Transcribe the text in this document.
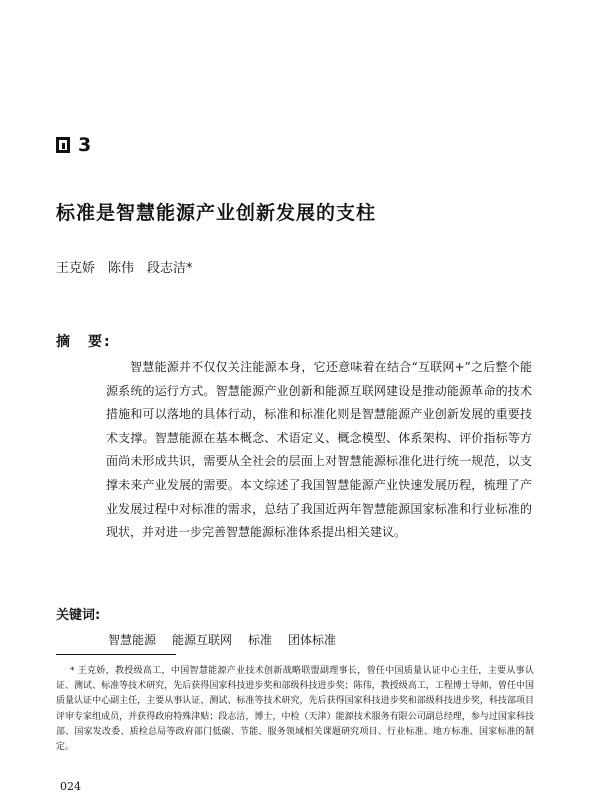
3
标准是智慧能源产业创新发展的支柱
王克娇　陈伟　段志洁*
摘　要:

智慧能源并不仅仅关注能源本身，它还意味着在结合“互联网+”之后整个能源系统的运行方式。智慧能源产业创新和能源互联网建设是推动能源革命的技术措施和可以落地的具体行动，标准和标准化则是智慧能源产业创新发展的重要技术支撑。智慧能源在基本概念、术语定义、概念模型、体系架构、评价指标等方面尚未形成共识，需要从全社会的层面上对智慧能源标准化进行统一规范，以支撑未来产业发展的需要。本文综述了我国智慧能源产业快速发展历程，梳理了产业发展过程中对标准的需求，总结了我国近两年智慧能源国家标准和行业标准的现状，并对进一步完善智慧能源标准体系提出相关建议。

关键词:
智慧能源 能源互联网 标准 团体标准

* 王克娇，教授级高工，中国智慧能源产业技术创新战略联盟副理事长，曾任中国质量认证中心主任，主要从事认证、测试、标准等技术研究，先后获得国家科技进步奖和部级科技进步奖；陈伟，教授级高工，工程博士导师，曾任中国质量认证中心副主任，主要从事认证、测试、标准等技术研究，先后获得国家科技进步奖和部级科技进步奖，科技部项目评审专家组成员，并获得政府特殊津贴；段志洁，博士，中检（天津）能源技术服务有限公司副总经理，参与过国家科技部、国家发改委、质检总局等政府部门低碳、节能、服务领域相关课题研究项目、行业标准、地方标准、国家标准的制定。

024
